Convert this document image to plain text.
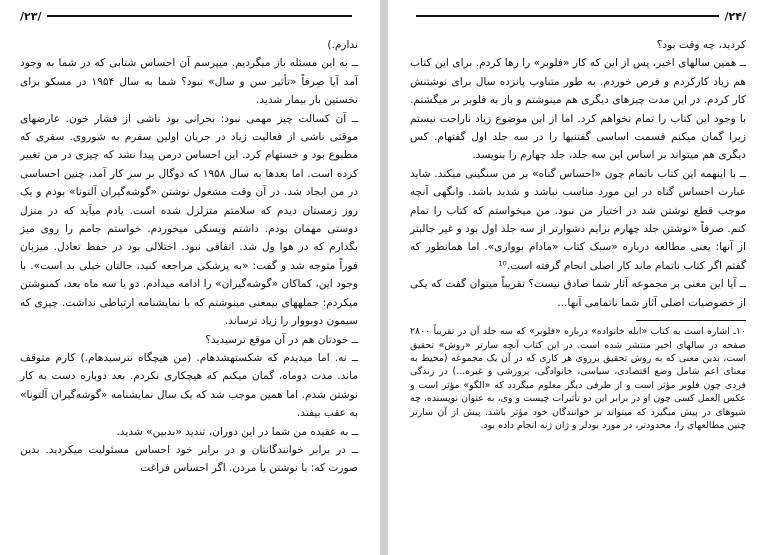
/۲۳/

ندارم.)

ــ به این مسئله باز میگردیم. میپرسم آن احساس شتابی که در شما به وجود آمد آیا صِرفاً «تأثیر سن و سال» نبود؟ شما به سال ۱۹۵۴ در مسکو برای نخستین بار بیمار شدید.

ــ آن کسالت چیز مهمی نبود: بحرانی بود ناشی از فشار خون. عارضهای موقتی ناشی از فعالیت زیاد در جریان اولین سفرم به شوروی. سفری که مطبوع بود و خستهام کرد. این احساس درمن پیدا نشد که چیزی در من تغییر کرده است. اما بعدها به سال ۱۹۵۸ که دوگال بر سر کار آمد، چنین احساسی در من ایجاد شد. در آن وقت مشغول نوشتن «گوشه‌گیران آلتونا» بودم و یک روز زمستان دیدم که سلامتم متزلزل شده است. یادم میآید که در منزل دوستی مهمان بودم. داشتم ویسکی میخوردم. خواستم جامم را روی میز بگذارم که در هوا ول شد. اتفاقی نبود. اختلالی بود در حفظ تعادل. میزبان فوراً متوجه شد و گفت: «به پزشکی مراجعه کنید، حالتان خیلی بد است». با وجود این، کماکان «گوشه‌گیران» را ادامه میدادم. دو یا سه ماه بعد، کمنوشتن میکردم: جملههای بیمعنی مینوشتم که با نمایشنامه ارتباطی نداشت. چیزی که سیمون دوبووار را زیاد ترساند.

ــ خودتان هم در آن موقع ترسیدید؟

ــ نه. اما میدیدم که شکستهشدهام. (من هیچگاه نترسیدهام.) کارم متوقف ماند. مدت دوماه، گمان میکنم که هیچکاری نکردم. بعد دوباره دست به کار نوشتن شدم. اما همین موجب شد که یک سال نمایشنامه «گوشه‌گیران آلتونا» به عقب بیفتد.

ــ به عقیده من شما در این دوران، تندید «بدبین» شدید.

ــ در برابر خوانندگانتان و در برابر خود احساس مسئولیت میکردید. بدین صورت که: با نوشتن یا مردن. اگر احساس فراغت

/۲۴/

کردید، چه وقت بود؟

ــ همین سالهای اخیر، پس از این که کار «فلوبر» را رها کردم. برای این کتاب هم زیاد کارکردم و فرص خوردم. به طور متناوب پانزده سال برای نوشتنش کار کردم. در این مدت چیزهای دیگری هم مینوشتم و باز به فلوبر بر میگشتم. با وجود این کتاب را تمام نخواهم کرد. اما از این موضوع زیاد ناراحت نیستم زیرا گمان میکنم قسمت اساسی گفتنیها را در سه جلد اول گفتهام. کس دیگری هم میتواند بر اساس این سه جلد، جلد چهارم را بنویسد.

ــ با اینهمه این کتاب ناتمام چون «احساس گناه» بر من سنگینی میکند. شاید عبارت احساس گناه در این مورد مناسب نباشد و شدید باشد. وانگهی آنچه موجب قطع نوشتن شد در اختیار من نبود. من میخواستم که کتاب را تمام کنم. صرفاً «نوشتن جلد چهارم برایم دشوارتر از سه جلد اول بود و غیر جالبتر از آنها: یعنی مطالعه درباره «سبک کتاب «مادام بوواری». اما همانطور که گفتم اگر کتاب ناتمام ماند کار اصلی انجام گرفته است.¹⁰

ــ آیا این معنی بر مجموعه آثار شما صادق نیست؟ تقریباً میتوان گفت که یکی از خصوصیات اصلی آثار شما ناتمامی آنها...

۱۰ـ اشاره است به کتاب «ابله خانواده» درباره «فلوبر» که سه جلد آن در تقریباً ۲۸۰۰ صفحه در سالهای اخیر منتشر شده است. در این کتاب آنچه سارتر «روش» تحقیق است، بدین معنی که به روش تحقیق برروی هر کاری که در آن یک مجموعه (محیط به معنای اعم شامل وضع اقتصادی، سیاسی، خانوادگی، پرورشی و غیره...) در زندگی فردی چون فلوبر مؤثر است و از طرفی دیگر معلوم میگردد که «الگو» مؤثر است و عکس العمل کسی چون او در برابر این دو تأثیرات چیست و وی، به عنوان نویسنده، چه شیوهای در پیش میگیرد که میتواند بر خوانندگان خود مؤثر باشد. پیش از آن سارتر چنین مطالعهای را، محدودتر، در مورد بودلر و ژان ژنه انجام داده بود.
